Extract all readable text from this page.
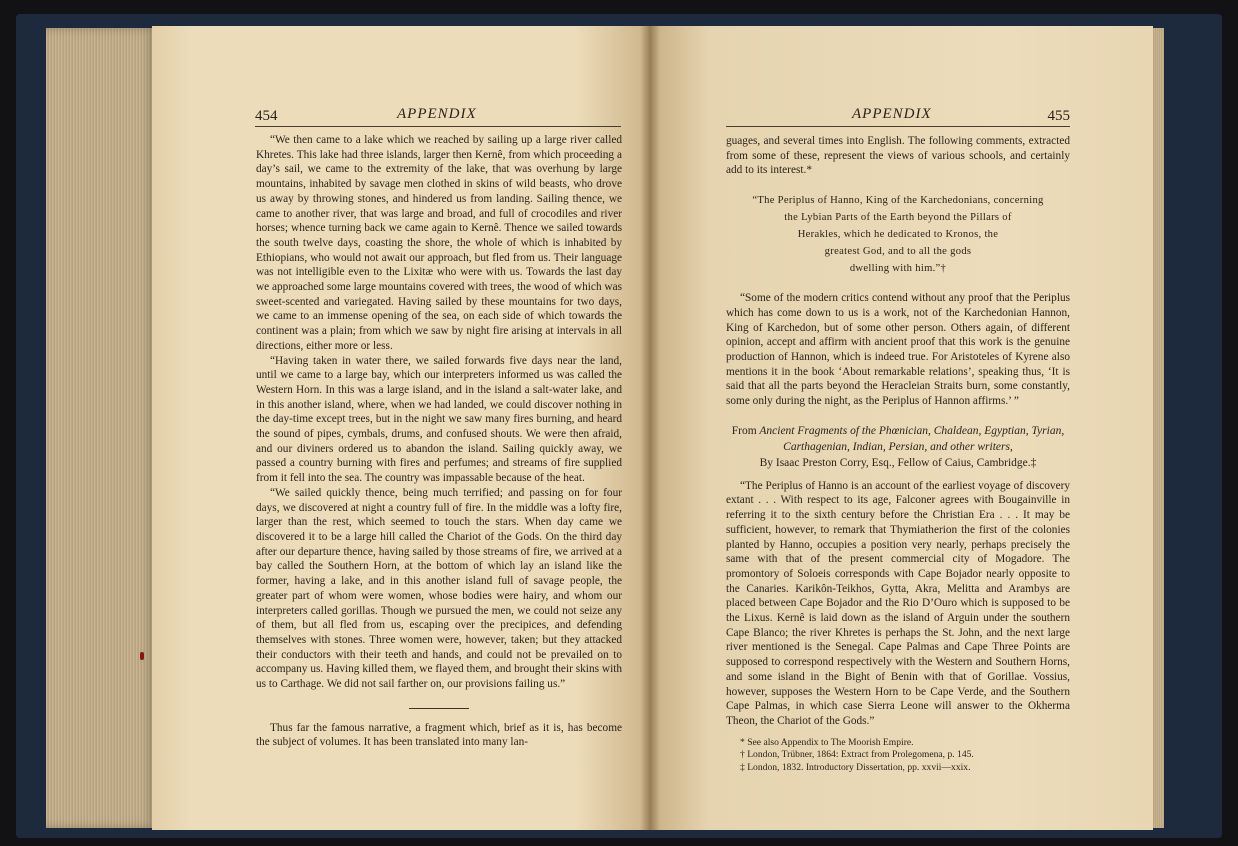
454	APPENDIX

“We then came to a lake which we reached by sailing up a large river called Khretes. This lake had three islands, larger then Kernê, from which proceeding a day’s sail, we came to the extremity of the lake, that was overhung by large mountains, inhabited by savage men clothed in skins of wild beasts, who drove us away by throwing stones, and hindered us from landing. Sailing thence, we came to another river, that was large and broad, and full of crocodiles and river horses; whence turning back we came again to Kernê. Thence we sailed towards the south twelve days, coasting the shore, the whole of which is inhabited by Ethiopians, who would not await our approach, but fled from us. Their language was not intelligible even to the Lixitæ who were with us. Towards the last day we approached some large mountains covered with trees, the wood of which was sweet-scented and variegated. Having sailed by these mountains for two days, we came to an immense opening of the sea, on each side of which towards the continent was a plain; from which we saw by night fire arising at intervals in all directions, either more or less.

“Having taken in water there, we sailed forwards five days near the land, until we came to a large bay, which our interpreters informed us was called the Western Horn. In this was a large island, and in the island a salt-water lake, and in this another island, where, when we had landed, we could discover nothing in the day-time except trees, but in the night we saw many fires burning, and heard the sound of pipes, cymbals, drums, and confused shouts. We were then afraid, and our diviners ordered us to abandon the island. Sailing quickly away, we passed a country burning with fires and perfumes; and streams of fire supplied from it fell into the sea. The country was impassable because of the heat.

“We sailed quickly thence, being much terrified; and passing on for four days, we discovered at night a country full of fire. In the middle was a lofty fire, larger than the rest, which seemed to touch the stars. When day came we discovered it to be a large hill called the Chariot of the Gods. On the third day after our departure thence, having sailed by those streams of fire, we arrived at a bay called the Southern Horn, at the bottom of which lay an island like the former, having a lake, and in this another island full of savage people, the greater part of whom were women, whose bodies were hairy, and whom our interpreters called gorillas. Though we pursued the men, we could not seize any of them, but all fled from us, escaping over the precipices, and defending themselves with stones. Three women were, however, taken; but they attacked their conductors with their teeth and hands, and could not be prevailed on to accompany us. Having killed them, we flayed them, and brought their skins with us to Carthage. We did not sail farther on, our provisions failing us.”

Thus far the famous narrative, a fragment which, brief as it is, has become the subject of volumes. It has been translated into many lan-

APPENDIX	455

guages, and several times into English. The following comments, extracted from some of these, represent the views of various schools, and certainly add to its interest.*

“The Periplus of Hanno, King of the Karchedonians, concerning
the Lybian Parts of the Earth beyond the Pillars of
Herakles, which he dedicated to Kronos, the
greatest God, and to all the gods
dwelling with him.”†

“Some of the modern critics contend without any proof that the Periplus which has come down to us is a work, not of the Karchedonian Hannon, King of Karchedon, but of some other person. Others again, of different opinion, accept and affirm with ancient proof that this work is the genuine production of Hannon, which is indeed true. For Aristoteles of Kyrene also mentions it in the book ‘About remarkable relations’, speaking thus, ‘It is said that all the parts beyond the Heracleian Straits burn, some constantly, some only during the night, as the Periplus of Hannon affirms.’ ”

From Ancient Fragments of the Phœnician, Chaldean, Egyptian, Tyrian,
Carthagenian, Indian, Persian, and other writers,
By Isaac Preston Corry, Esq., Fellow of Caius, Cambridge.‡

“The Periplus of Hanno is an account of the earliest voyage of discovery extant . . . With respect to its age, Falconer agrees with Bougainville in referring it to the sixth century before the Christian Era . . . It may be sufficient, however, to remark that Thymiatherion the first of the colonies planted by Hanno, occupies a position very nearly, perhaps precisely the same with that of the present commercial city of Mogadore. The promontory of Soloeis corresponds with Cape Bojador nearly opposite to the Canaries. Karikôn-Teikhos, Gytta, Akra, Melitta and Arambys are placed between Cape Bojador and the Rio D’Ouro which is supposed to be the Lixus. Kernê is laid down as the island of Arguin under the southern Cape Blanco; the river Khretes is perhaps the St. John, and the next large river mentioned is the Senegal. Cape Palmas and Cape Three Points are supposed to correspond respectively with the Western and Southern Horns, and some island in the Bight of Benin with that of Gorillae. Vossius, however, supposes the Western Horn to be Cape Verde, and the Southern Cape Palmas, in which case Sierra Leone will answer to the Okherma Theon, the Chariot of the Gods.”

* See also Appendix to The Moorish Empire.
† London, Trübner, 1864: Extract from Prolegomena, p. 145.
‡ London, 1832. Introductory Dissertation, pp. xxvii—xxix.
